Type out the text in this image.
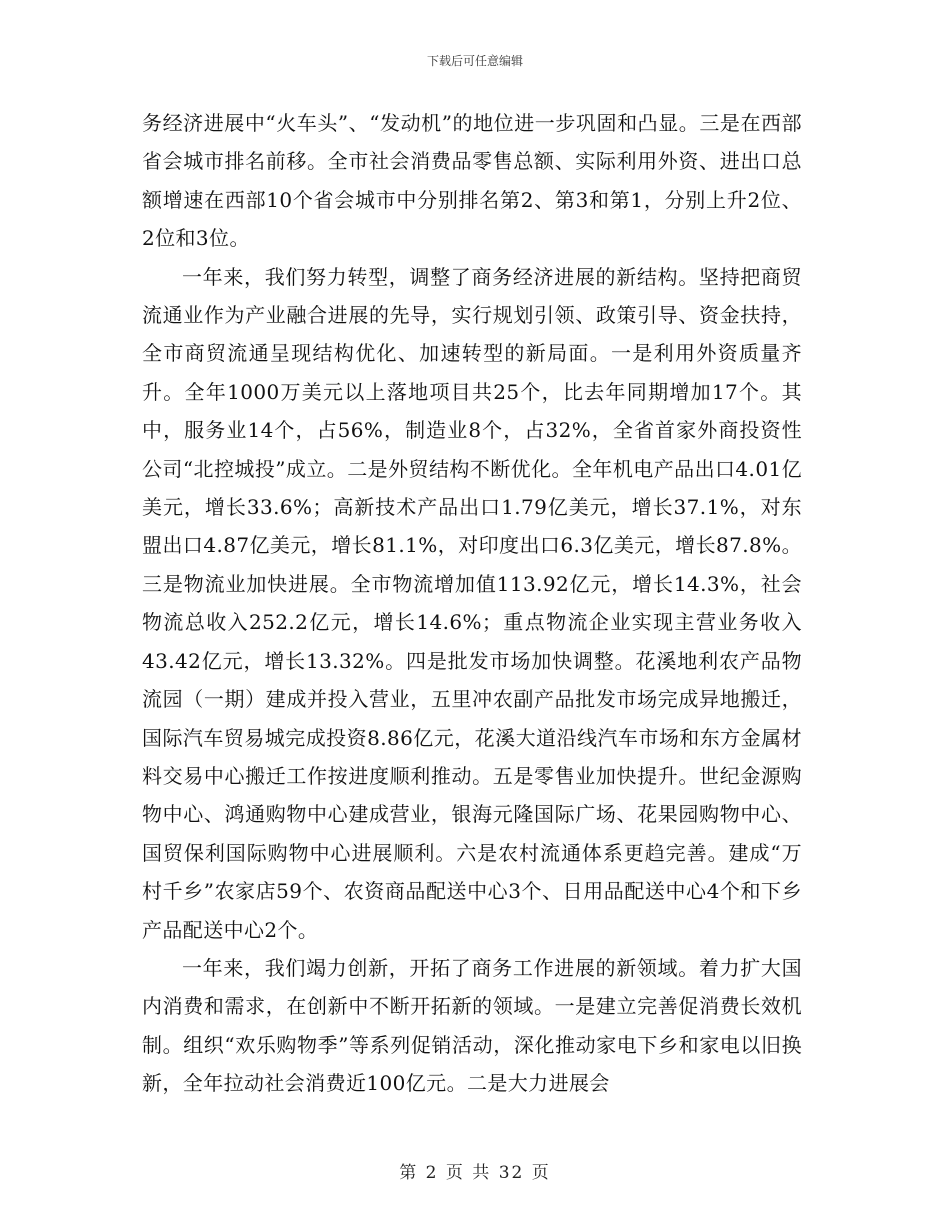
下载后可任意编辑

务经济进展中“火车头”、“发动机”的地位进一步巩固和凸显。三是在西部省会城市排名前移。全市社会消费品零售总额、实际利用外资、进出口总额增速在西部10个省会城市中分别排名第2、第3和第1，分别上升2位、2位和3位。

一年来，我们努力转型，调整了商务经济进展的新结构。坚持把商贸流通业作为产业融合进展的先导，实行规划引领、政策引导、资金扶持，全市商贸流通呈现结构优化、加速转型的新局面。一是利用外资质量齐升。全年1000万美元以上落地项目共25个，比去年同期增加17个。其中，服务业14个，占56%，制造业8个，占32%，全省首家外商投资性公司“北控城投”成立。二是外贸结构不断优化。全年机电产品出口4.01亿美元，增长33.6%；高新技术产品出口1.79亿美元，增长37.1%，对东盟出口4.87亿美元，增长81.1%，对印度出口6.3亿美元，增长87.8%。三是物流业加快进展。全市物流增加值113.92亿元，增长14.3%，社会物流总收入252.2亿元，增长14.6%；重点物流企业实现主营业务收入43.42亿元，增长13.32%。四是批发市场加快调整。花溪地利农产品物流园（一期）建成并投入营业，五里冲农副产品批发市场完成异地搬迁，国际汽车贸易城完成投资8.86亿元，花溪大道沿线汽车市场和东方金属材料交易中心搬迁工作按进度顺利推动。五是零售业加快提升。世纪金源购物中心、鸿通购物中心建成营业，银海元隆国际广场、花果园购物中心、国贸保利国际购物中心进展顺利。六是农村流通体系更趋完善。建成“万村千乡”农家店59个、农资商品配送中心3个、日用品配送中心4个和下乡产品配送中心2个。

一年来，我们竭力创新，开拓了商务工作进展的新领域。着力扩大国内消费和需求，在创新中不断开拓新的领域。一是建立完善促消费长效机制。组织“欢乐购物季”等系列促销活动，深化推动家电下乡和家电以旧换新，全年拉动社会消费近100亿元。二是大力进展会

第 2 页 共 32 页
